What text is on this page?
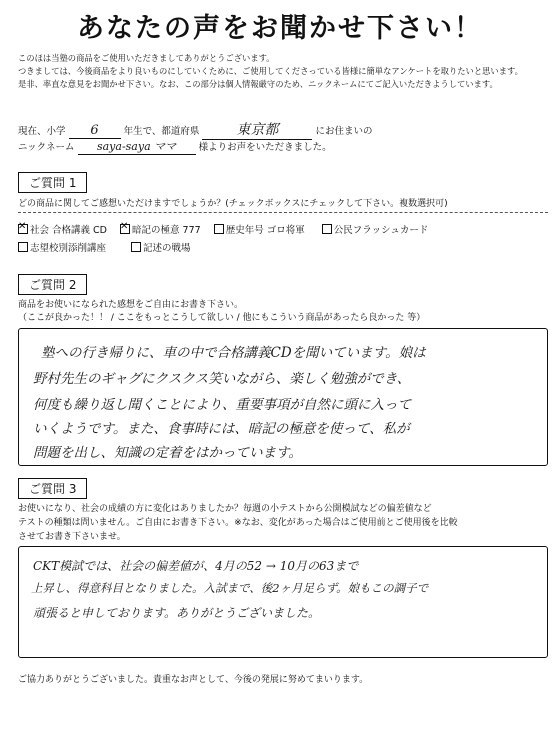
あなたの声をお聞かせ下さい！
このほは当塾の商品をご使用いただきましてありがとうございます。
つきましては、今後商品をより良いものにしていくために、ご使用してくださっている皆様に簡単なアンケートを取りたいと思います。
是非、率直な意見をお聞かせ下さい。なお、この部分は個人情報厳守のため、ニックネームにてご記入いただきようしています。
現在、小学 6	年生で、都道府県	東京都	にお住まいの
ニックネーム saya-saya ママ 様よりお声をいただきました。
ご質問 1
どの商品に関してご感想いただけますでしょうか？(チェックボックスにチェックして下さい。複数選択可)
✕社会 合格講義 CD ✕	暗記の極意 777	歴史年号 ゴロ将軍	公民フラッシュカード
志望校別添削講座	記述の戦場
ご質問 2
商品をお使いになられた感想をご自由にお書き下さい。
（ここが良かった！！ / ここをもっとこうして欲しい / 他にもこういう商品があったら良かった 等）
塾への行き帰りに、車の中で合格講義CDを聞いています。娘は
野村先生のギャグにクスクス笑いながら、楽しく勉強ができ、
何度も繰り返し聞くことにより、重要事項が自然に頭に入って
いくようです。また、食事時には、暗記の極意を使って、私が
問題を出し、知識の定着をはかっています。
ご質問 3
お使いになり、社会の成績の方に変化はありましたか？毎週の小テストから公開模試などの偏差値など
テストの種類は問いません。ご自由にお書き下さい。※なお、変化があった場合はご使用前とご使用後を比較
させてお書き下さいませ。
CKT模試では、社会の偏差値が、4月の52 → 10月の63まで
上昇し、得意科目となりました。入試まで、後2ヶ月足らず。娘もこの調子で
頑張ると申しております。ありがとうございました。
ご協力ありがとうございました。貴重なお声として、今後の発展に努めてまいります。
